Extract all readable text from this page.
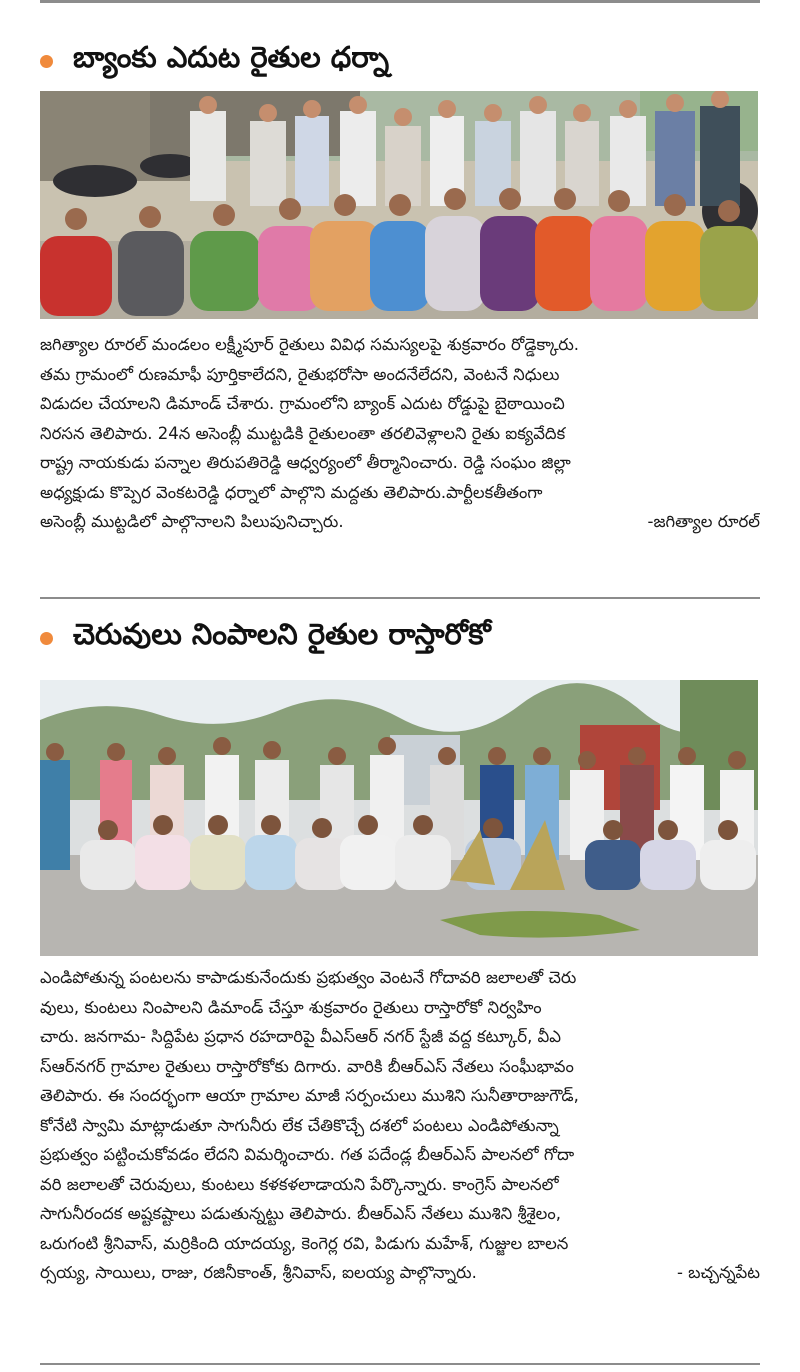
బ్యాంకు ఎదుట రైతుల ధర్నా
జగిత్యాల రూరల్ మండలం లక్ష్మీపూర్ రైతులు వివిధ సమస్యలపై శుక్రవారం రోడ్డెక్కారు.
తమ గ్రామంలో రుణమాఫీ పూర్తికాలేదని, రైతుభరోసా అందనేలేదని, వెంటనే నిధులు
విడుదల చేయాలని డిమాండ్ చేశారు. గ్రామంలోని బ్యాంక్ ఎదుట రోడ్డుపై బైఠాయించి
నిరసన తెలిపారు. 24న అసెంబ్లీ ముట్టడికి రైతులంతా తరలివెళ్లాలని రైతు ఐక్యవేదిక
రాష్ట్ర నాయకుడు పన్నాల తిరుపతిరెడ్డి ఆధ్వర్యంలో తీర్మానించారు. రెడ్డి సంఘం జిల్లా
అధ్యక్షుడు కొప్పెర వెంకటరెడ్డి ధర్నాలో పాల్గొని మద్దతు తెలిపారు.పార్టీలకతీతంగా
అసెంబ్లీ ముట్టడిలో పాల్గొనాలని పిలుపునిచ్చారు.	-జగిత్యాల రూరల్
చెరువులు నింపాలని రైతుల రాస్తారోకో
ఎండిపోతున్న పంటలను కాపాడుకునేందుకు ప్రభుత్వం వెంటనే గోదావరి జలాలతో చెరు
వులు, కుంటలు నింపాలని డిమాండ్ చేస్తూ శుక్రవారం రైతులు రాస్తారోకో నిర్వహిం
చారు. జనగామ- సిద్దిపేట ప్రధాన రహదారిపై వీఎస్ఆర్ నగర్ స్టేజీ వద్ద కట్కూర్, వీఎ
స్ఆర్‌నగర్ గ్రామాల రైతులు రాస్తారోకోకు దిగారు. వారికి బీఆర్ఎస్ నేతలు సంఘీభావం
తెలిపారు. ఈ సందర్భంగా ఆయా గ్రామాల మాజీ సర్పంచులు ముశిని సునీతారాజుగౌడ్,
కోనేటి స్వామి మాట్లాడుతూ సాగునీరు లేక చేతికొచ్చే దశలో పంటలు ఎండిపోతున్నా
ప్రభుత్వం పట్టించుకోవడం లేదని విమర్శించారు. గత పదేండ్ల బీఆర్ఎస్ పాలనలో గోదా
వరి జలాలతో చెరువులు, కుంటలు కళకళలాడాయని పేర్కొన్నారు. కాంగ్రెస్ పాలనలో
సాగునీరందక అష్టకష్టాలు పడుతున్నట్టు తెలిపారు. బీఆర్ఎస్ నేతలు ముశిని శ్రీశైలం,
ఒరుగంటి శ్రీనివాస్, మర్రికింది యాదయ్య, కెంగెర్ల రవి, పిడుగు మహేశ్, గుజ్జుల బాలన
ర్సయ్య, సాయిలు, రాజు, రజినీకాంత్, శ్రీనివాస్, ఐలయ్య పాల్గొన్నారు.	- బచ్చన్నపేట
